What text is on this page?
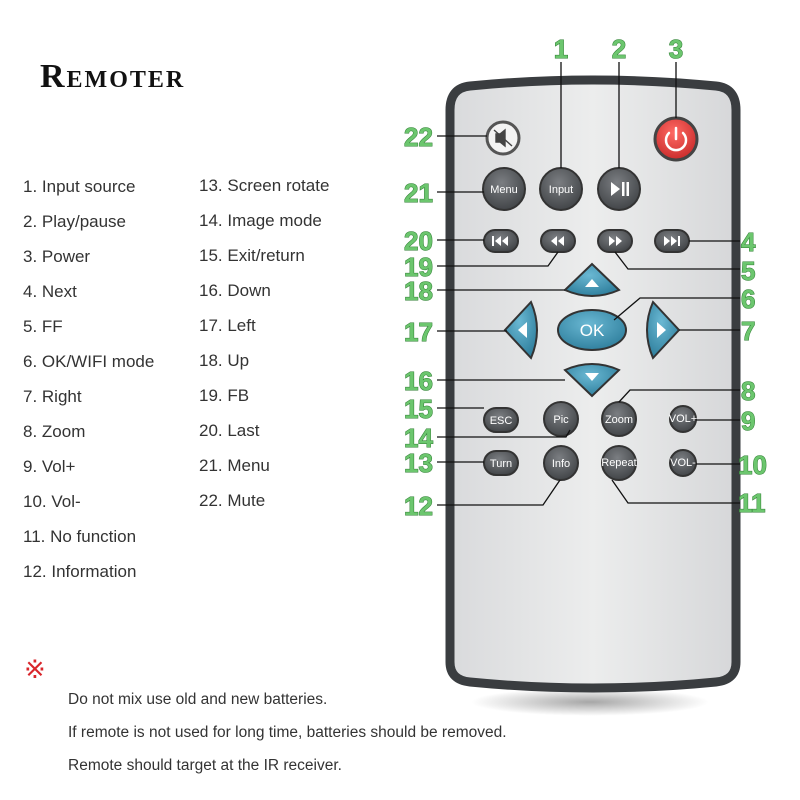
Remoter
1. Input source
2. Play/pause
3. Power
4. Next
5. FF
6. OK/WIFI mode
7. Right
8. Zoom
9. Vol+
10. Vol-
11. No function
12. Information
13. Screen rotate
14. Image mode
15. Exit/return
16. Down
17. Left
18. Up
19. FB
20. Last
21. Menu
22. Mute
Menu	Input
OK
ESC	Pic	Zoom	VOL+
Turn	Info	Repeat	VOL-
1 2 3
4
5
6
7
8
9
10
11
12
13
14
15
16
17
18
19
20
21
22
※
Do not mix use old and new batteries.
If remote is not used for long time, batteries should be removed.
Remote should target at the IR receiver.
